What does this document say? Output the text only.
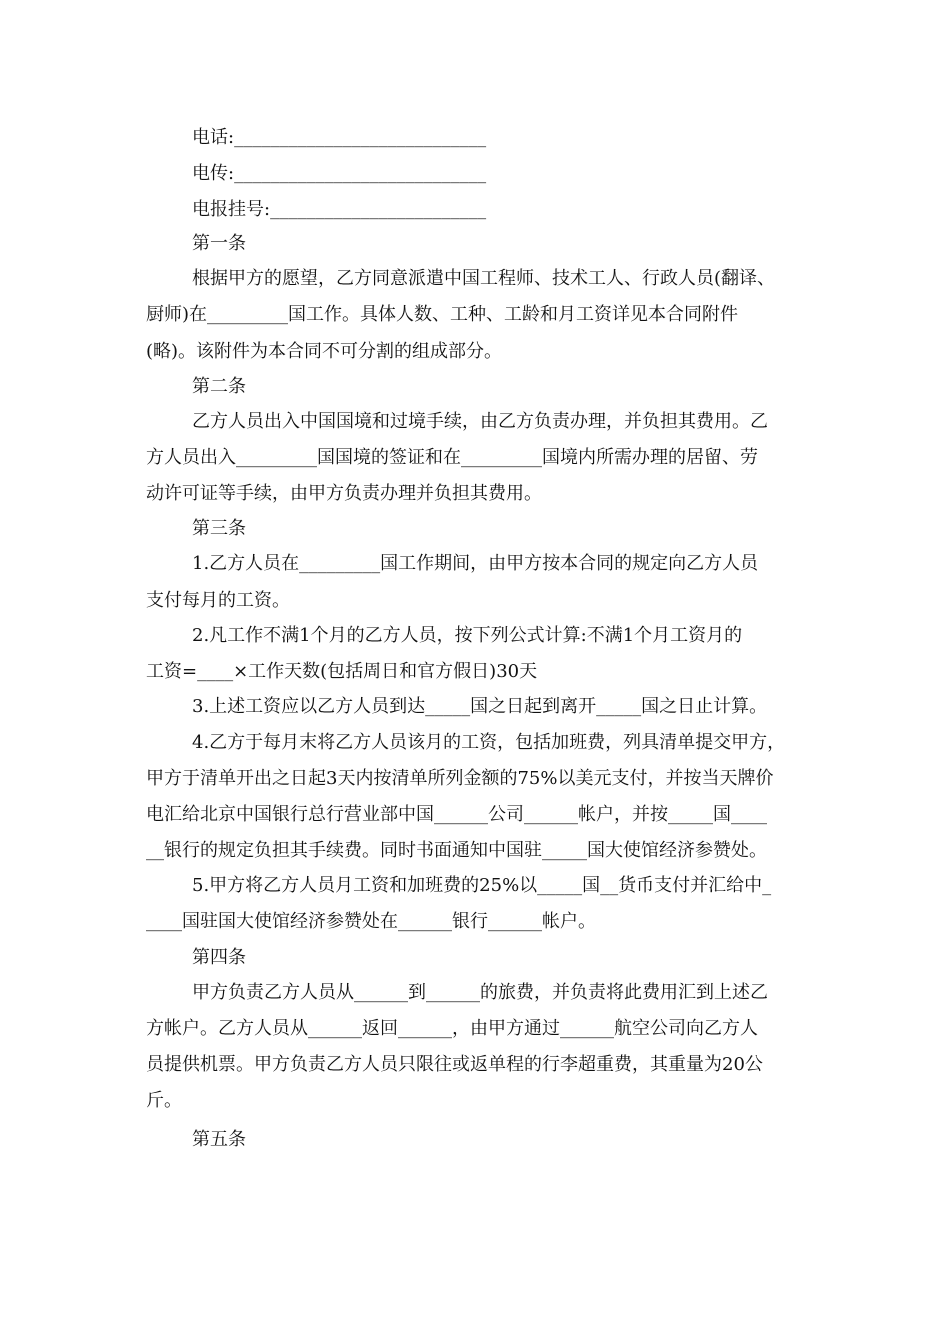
电话:____________________________
电传:____________________________
电报挂号:________________________
第一条
根据甲方的愿望，乙方同意派遣中国工程师、技术工人、行政人员(翻译、
厨师)在_________国工作。具体人数、工种、工龄和月工资详见本合同附件
(略)。该附件为本合同不可分割的组成部分。
第二条
乙方人员出入中国国境和过境手续，由乙方负责办理，并负担其费用。乙
方人员出入_________国国境的签证和在_________国境内所需办理的居留、劳
动许可证等手续，由甲方负责办理并负担其费用。
第三条
1.乙方人员在_________国工作期间，由甲方按本合同的规定向乙方人员
支付每月的工资。
2.凡工作不满1个月的乙方人员，按下列公式计算:不满1个月工资月的
工资=____×工作天数(包括周日和官方假日)30天
3.上述工资应以乙方人员到达_____国之日起到离开_____国之日止计算。
4.乙方于每月末将乙方人员该月的工资，包括加班费，列具清单提交甲方，
甲方于清单开出之日起3天内按清单所列金额的75%以美元支付，并按当天牌价
电汇给北京中国银行总行营业部中国______公司______帐户，并按_____国____
__银行的规定负担其手续费。同时书面通知中国驻_____国大使馆经济参赞处。
5.甲方将乙方人员月工资和加班费的25%以_____国__货币支付并汇给中_
____国驻国大使馆经济参赞处在______银行______帐户。
第四条
甲方负责乙方人员从______到______的旅费，并负责将此费用汇到上述乙
方帐户。乙方人员从______返回______，由甲方通过______航空公司向乙方人
员提供机票。甲方负责乙方人员只限往或返单程的行李超重费，其重量为20公
斤。
第五条
